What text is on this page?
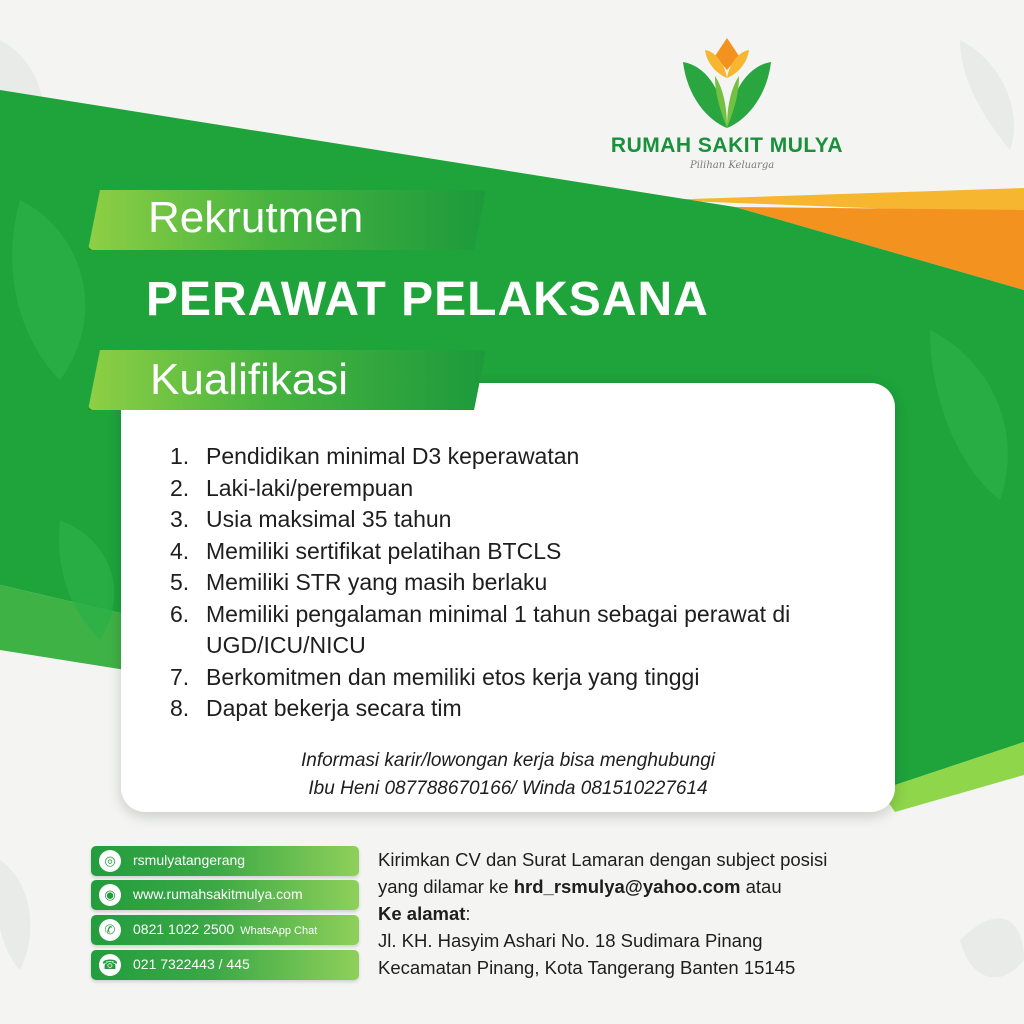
RUMAH SAKIT MULYA
Pilihan Keluarga
Rekrutmen
PERAWAT PELAKSANA
Kualifikasi
1. Pendidikan minimal D3 keperawatan
2. Laki-laki/perempuan
3. Usia maksimal 35 tahun
4. Memiliki sertifikat pelatihan BTCLS
5. Memiliki STR yang masih berlaku
6. Memiliki pengalaman minimal 1 tahun sebagai perawat di UGD/ICU/NICU
7. Berkomitmen dan memiliki etos kerja yang tinggi
8. Dapat bekerja secara tim
Informasi karir/lowongan kerja bisa menghubungi
Ibu Heni 087788670166/ Winda 081510227614
◎	rsmulyatangerang
◉	www.rumahsakitmulya.com
✆	0821 1022 2500 WhatsApp Chat
☎ 021 7322443 / 445
Kirimkan CV dan Surat Lamaran dengan subject posisi
yang dilamar ke hrd_rsmulya@yahoo.com atau
Ke alamat:
Jl. KH. Hasyim Ashari No. 18 Sudimara Pinang
Kecamatan Pinang, Kota Tangerang Banten 15145
